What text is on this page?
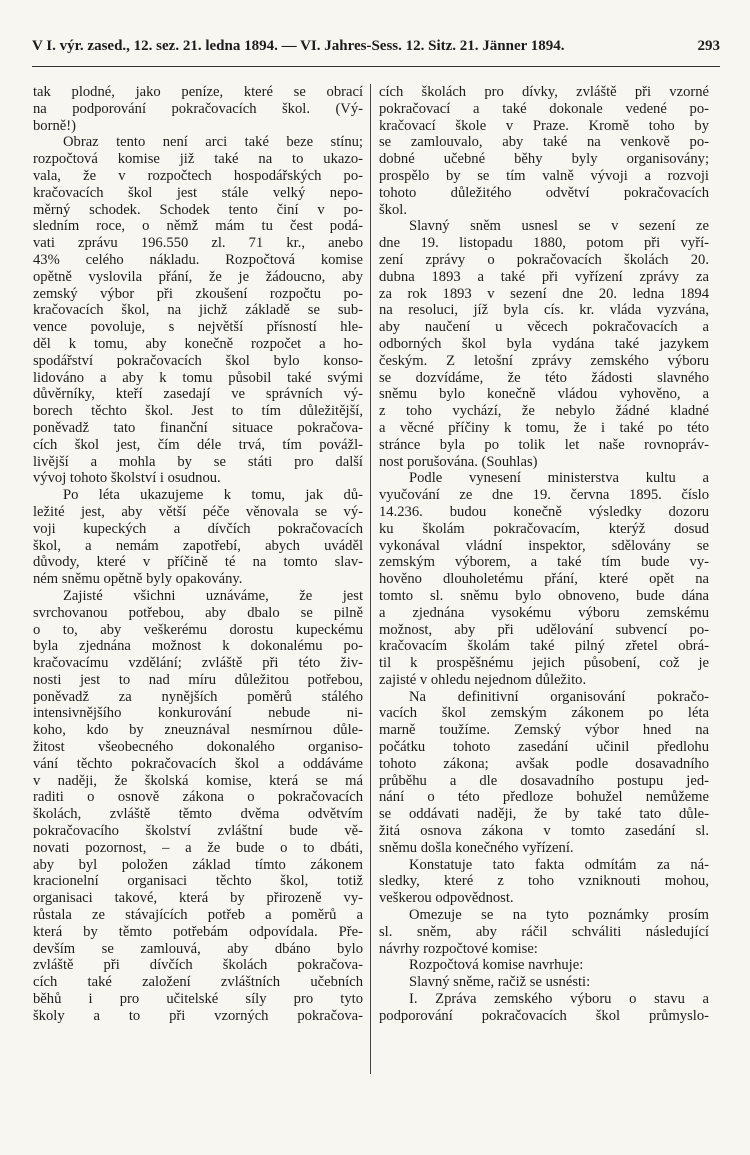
V I. výr. zased., 12. sez. 21. ledna 1894. — VI. Jahres-Sess. 12. Sitz. 21. Jänner 1894.	293
tak plodné, jako peníze, které se obrací
na podporování pokračovacích škol. (Vý-
borně!)
Obraz tento není arci také beze stínu;
rozpočtová komise již také na to ukazo-
vala, že v rozpočtech hospodářských po-
kračovacích škol jest stále velký nepo-
měrný schodek. Schodek tento činí v po-
sledním roce, o němž mám tu čest podá-
vati zprávu 196.550 zl. 71 kr., anebo
43% celého nákladu. Rozpočtová komise
opětně vyslovila přání, že je žádoucno, aby
zemský výbor při zkoušení rozpočtu po-
kračovacích škol, na jichž základě se sub-
vence povoluje, s největší přísností hle-
děl k tomu, aby konečně rozpočet a ho-
spodářství pokračovacích škol bylo konso-
lidováno a aby k tomu působil také svými
důvěrníky, kteří zasedají ve správních vý-
borech těchto škol. Jest to tím důležitější,
poněvadž tato finanční situace pokračova-
cích škol jest, čím déle trvá, tím povážl-
livější a mohla by se státi pro další
vývoj tohoto školství i osudnou.
Po léta ukazujeme k tomu, jak dů-
ležité jest, aby větší péče věnovala se vý-
voji kupeckých a dívčích pokračovacích
škol, a nemám zapotřebí, abych uváděl
důvody, které v příčině té na tomto slav-
ném sněmu opětně byly opakovány.
Zajisté všichni uznáváme, že jest
svrchovanou potřebou, aby dbalo se pilně
o to, aby veškerému dorostu kupeckému
byla zjednána možnost k dokonalému po-
kračovacímu vzdělání; zvláště při této živ-
nosti jest to nad míru důležitou potřebou,
poněvadž za nynějších poměrů stálého
intensivnějšího konkurování nebude ni-
koho, kdo by zneuznával nesmírnou důle-
žitost všeobecného dokonalého organiso-
vání těchto pokračovacích škol a oddáváme
v naději, že školská komise, která se má
raditi o osnově zákona o pokračovacích
školách, zvláště těmto dvěma odvětvím
pokračovacího školství zvláštní bude vě-
novati pozornost, – a že bude o to dbáti,
aby byl položen základ tímto zákonem
kracionelní organisaci těchto škol, totiž
organisaci takové, která by přirozeně vy-
růstala ze stávajících potřeb a poměrů a
která by těmto potřebám odpovídala. Pře-
devším se zamlouvá, aby dbáno bylo
zvláště při dívčích školách pokračova-
cích také založení zvláštních učebních
běhů i pro učitelské síly pro tyto
školy a to při vzorných pokračova-
cích školách pro dívky, zvláště při vzorné
pokračovací a také dokonale vedené po-
kračovací škole v Praze. Kromě toho by
se zamlouvalo, aby také na venkově po-
dobné učebné běhy byly organisovány;
prospělo by se tím valně vývoji a rozvoji
tohoto důležitého odvětví pokračovacích
škol.
Slavný sněm usnesl se v sezení ze
dne 19. listopadu 1880, potom při vyří-
zení zprávy o pokračovacích školách 20.
dubna 1893 a také při vyřízení zprávy za
za rok 1893 v sezení dne 20. ledna 1894
na resoluci, jíž byla cís. kr. vláda vyzvána,
aby naučení u věcech pokračovacích a
odborných škol byla vydána také jazykem
českým. Z letošní zprávy zemského výboru
se dozvídáme, že této žádosti slavného
sněmu bylo konečně vládou vyhověno, a
z toho vychází, že nebylo žádné kladné
a věcné příčiny k tomu, že i také po této
stránce byla po tolik let naše rovnopráv-
nost porušována. (Souhlas)
Podle vynesení ministerstva kultu a
vyučování ze dne 19. června 1895. číslo
14.236. budou konečně výsledky dozoru
ku školám pokračovacím, kterýž dosud
vykonával vládní inspektor, sdělovány se
zemským výborem, a také tím bude vy-
hověno dlouholetému přání, které opět na
tomto sl. sněmu bylo obnoveno, bude dána
a zjednána vysokému výboru zemskému
možnost, aby při udělování subvencí po-
kračovacím školám také pilný zřetel obrá-
til k prospěšnému jejich působení, což je
zajisté v ohledu nejednom důležito.
Na definitivní organisování pokračo-
vacích škol zemským zákonem po léta
marně toužíme. Zemský výbor hned na
počátku tohoto zasedání učinil předlohu
tohoto zákona; avšak podle dosavadního
průběhu a dle dosavadního postupu jed-
nání o této předloze bohužel nemůžeme
se oddávati naději, že by také tato důle-
žitá osnova zákona v tomto zasedání sl.
sněmu došla konečného vyřízení.
Konstatuje tato fakta odmítám za ná-
sledky, které z toho vzniknouti mohou,
veškerou odpovědnost.
Omezuje se na tyto poznámky prosím
sl. sněm, aby ráčil schváliti následující
návrhy rozpočtové komise:
Rozpočtová komise navrhuje:
Slavný sněme, račiž se usnésti:
I. Zpráva zemského výboru o stavu a
podporování pokračovacích škol průmyslo-
